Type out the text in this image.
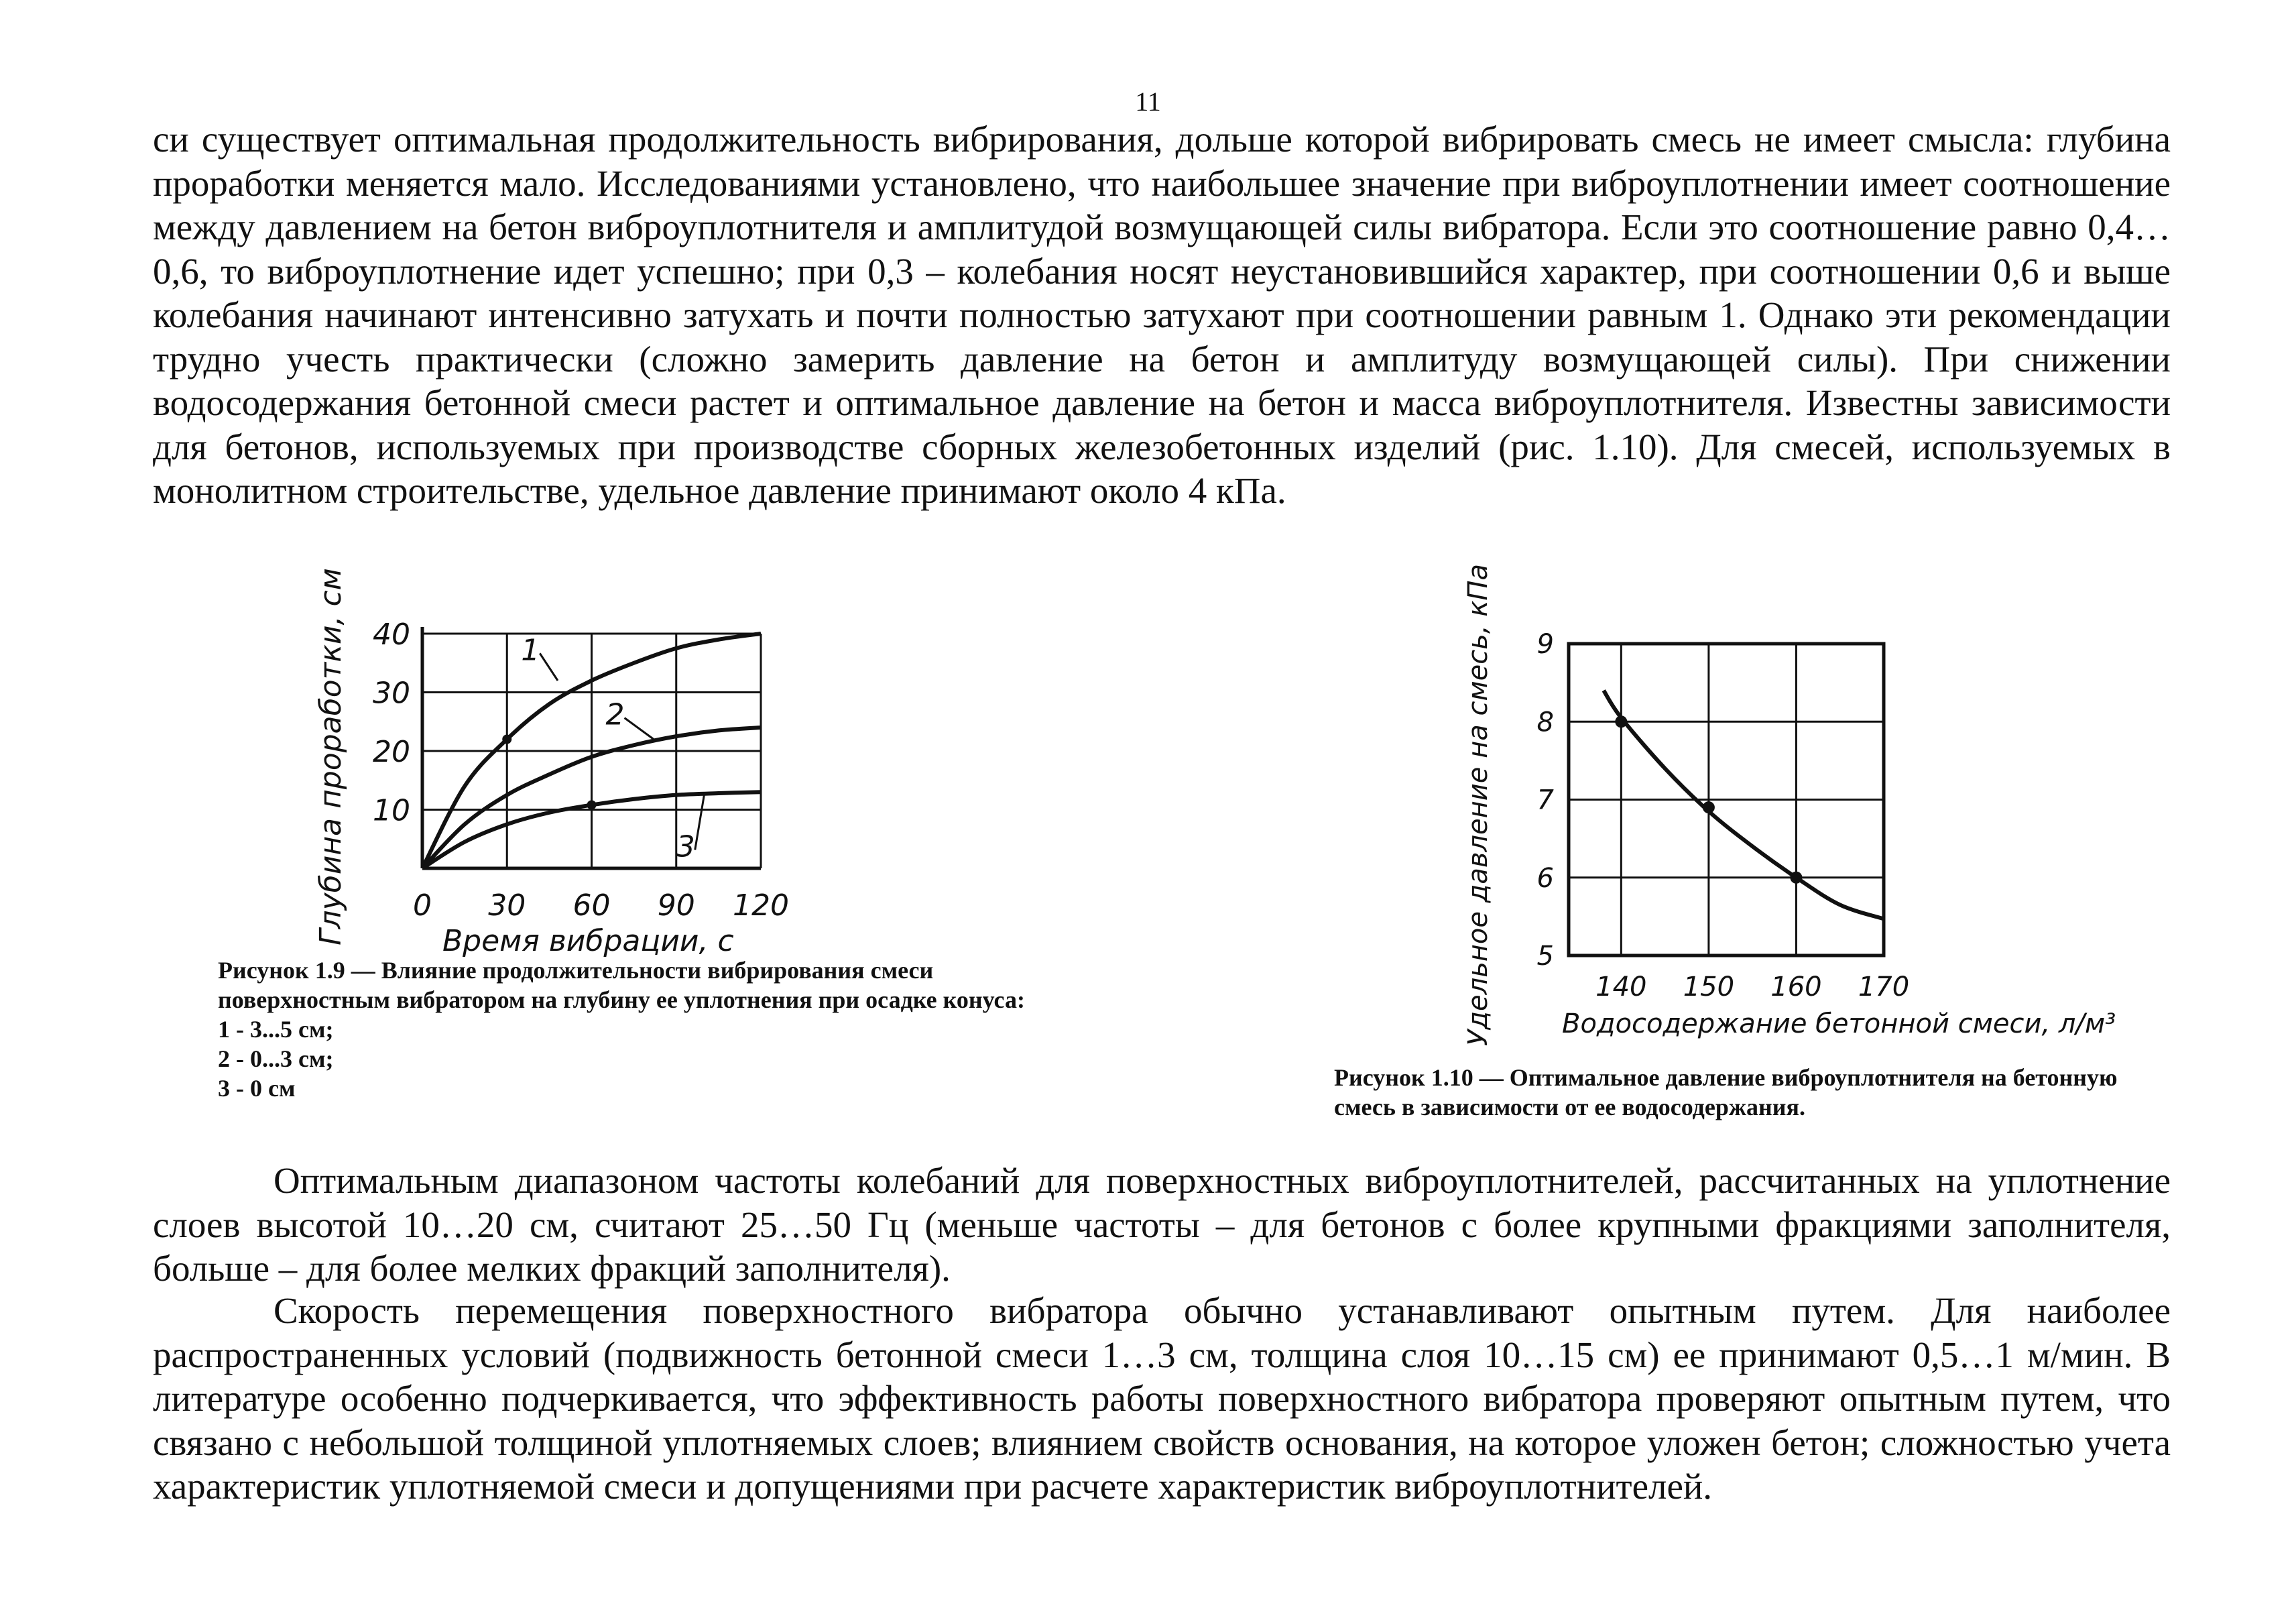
11
си существует оптимальная продолжительность вибрирования, дольше которой вибрировать смесь не имеет смысла: глубина проработки меняется мало. Исследованиями установлено, что наибольшее значение при виброуплотнении имеет соотношение между давлением на бетон виброуплотнителя и амплитудой возмущающей силы вибратора. Если это соотношение равно 0,4…0,6, то виброуплотнение идет успешно; при 0,3 – колебания носят неустановившийся характер, при соотношении 0,6 и выше колебания начинают интенсивно затухать и почти полностью затухают при соотношении равным 1. Однако эти рекомендации трудно учесть практически (сложно замерить давление на бетон и амплитуду возмущающей силы). При снижении водосодержания бетонной смеси растет и оптимальное давление на бетон и масса виброуплотнителя. Известны зависимости для бетонов, используемых при производстве сборных железобетонных изделий (рис. 1.10). Для смесей, используемых в монолитном строительстве, удельное давление принимают около 4 кПа.
0 30 60 90 120
10
20
30
40	1
2
3
Время вибрации, с
Глубина проработки, см
140 150 160 170
5
6
7
8
9
Водосодержание бетонной смеси, л/м³
Удельное давление на смесь, кПа
Рисунок 1.9 — Влияние продолжительности вибрирования смеси поверхностным вибратором на глубину ее уплотнения при осадке конуса:
1 - 3...5 см;
2 - 0...3 см;
3 - 0 см	Рисунок 1.10 — Оптимальное давление виброуплотнителя на бетонную смесь в зависимости от ее водосодержания.
Оптимальным диапазоном частоты колебаний для поверхностных виброуплотнителей, рассчитанных на уплотнение слоев высотой 10…20 см, считают 25…50 Гц (меньше частоты – для бетонов с более крупными фракциями заполнителя, больше – для более мелких фракций заполнителя).
Скорость перемещения поверхностного вибратора обычно устанавливают опытным путем. Для наиболее распространенных условий (подвижность бетонной смеси 1…3 см, толщина слоя 10…15 см) ее принимают 0,5…1 м/мин. В литературе особенно подчеркивается, что эффективность работы поверхностного вибратора проверяют опытным путем, что связано с небольшой толщиной уплотняемых слоев; влиянием свойств основания, на которое уложен бетон; сложностью учета характеристик уплотняемой смеси и допущениями при расчете характеристик виброуплотнителей.
